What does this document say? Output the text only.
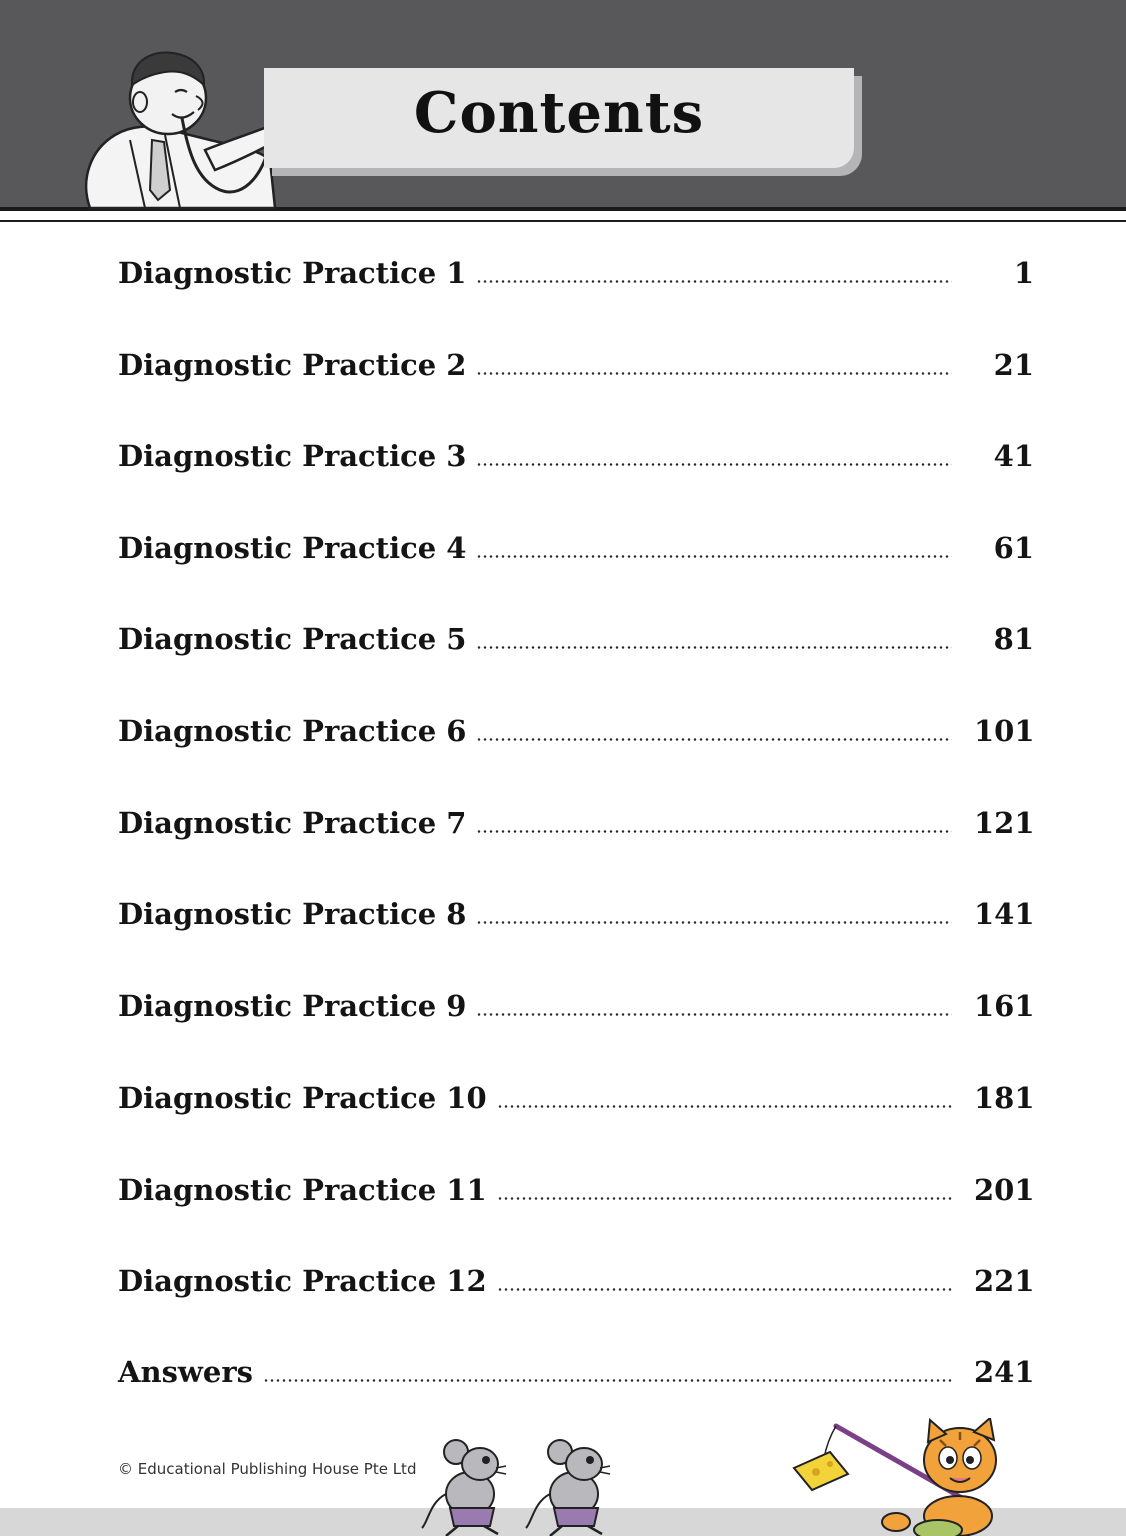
Contents
Diagnostic Practice 1	1
Diagnostic Practice 2	21
Diagnostic Practice 3	41
Diagnostic Practice 4	61
Diagnostic Practice 5	81
Diagnostic Practice 6	101
Diagnostic Practice 7	121
Diagnostic Practice 8	141
Diagnostic Practice 9	161
Diagnostic Practice 10	181
Diagnostic Practice 11	201
Diagnostic Practice 12	221
Answers	241
© Educational Publishing House Pte Ltd
